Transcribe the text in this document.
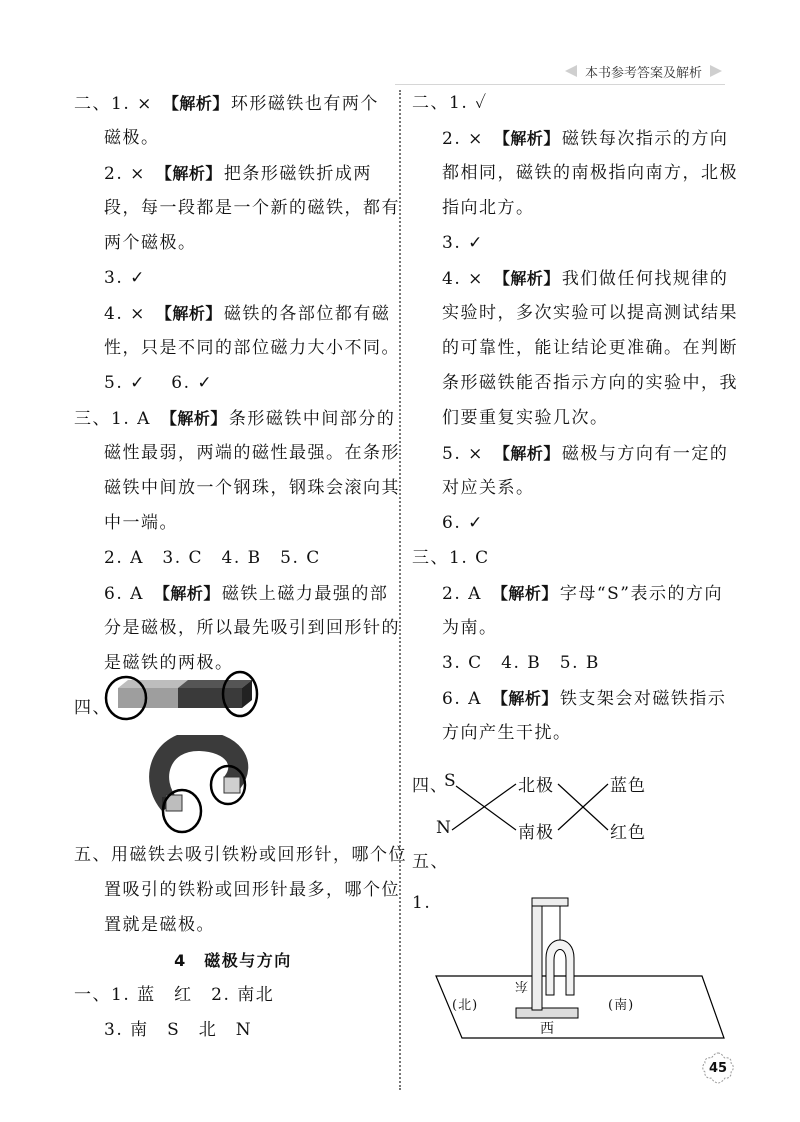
本书参考答案及解析
二、1. × 【解析】 环形磁铁也有两个
磁极。
2. × 【解析】 把条形磁铁折成两
段，每一段都是一个新的磁铁，都有
两个磁极。
3. ✓
4. × 【解析】 磁铁的各部位都有磁
性，只是不同的部位磁力大小不同。
5. ✓　 6. ✓
三、1. A 【解析】 条形磁铁中间部分的
磁性最弱，两端的磁性最强。在条形
磁铁中间放一个钢珠，钢珠会滚向其
中一端。
2. A　3. C　4. B　5. C
6. A 【解析】 磁铁上磁力最强的部
分是磁极，所以最先吸引到回形针的
是磁铁的两极。
四、
五、用磁铁去吸引铁粉或回形针，哪个位
置吸引的铁粉或回形针最多，哪个位
置就是磁极。
4　磁极与方向
一、1. 蓝　红　2. 南北
3. 南　S　北　N
二、1. ✓
2. × 【解析】 磁铁每次指示的方向
都相同，磁铁的南极指向南方，北极
指向北方。
3. ✓
4. × 【解析】 我们做任何找规律的
实验时，多次实验可以提高测试结果
的可靠性，能让结论更准确。在判断
条形磁铁能否指示方向的实验中，我
们要重复实验几次。
5. × 【解析】 磁极与方向有一定的
对应关系。
6. ✓
三、1. C
2. A 【解析】 字母“S”表示的方向
为南。
3. C　4. B　5. B
6. A 【解析】 铁支架会对磁铁指示
方向产生干扰。
四、
S
N
北极
南极
蓝色
红色
五、
1.
(北)	(南)
西
东
45
